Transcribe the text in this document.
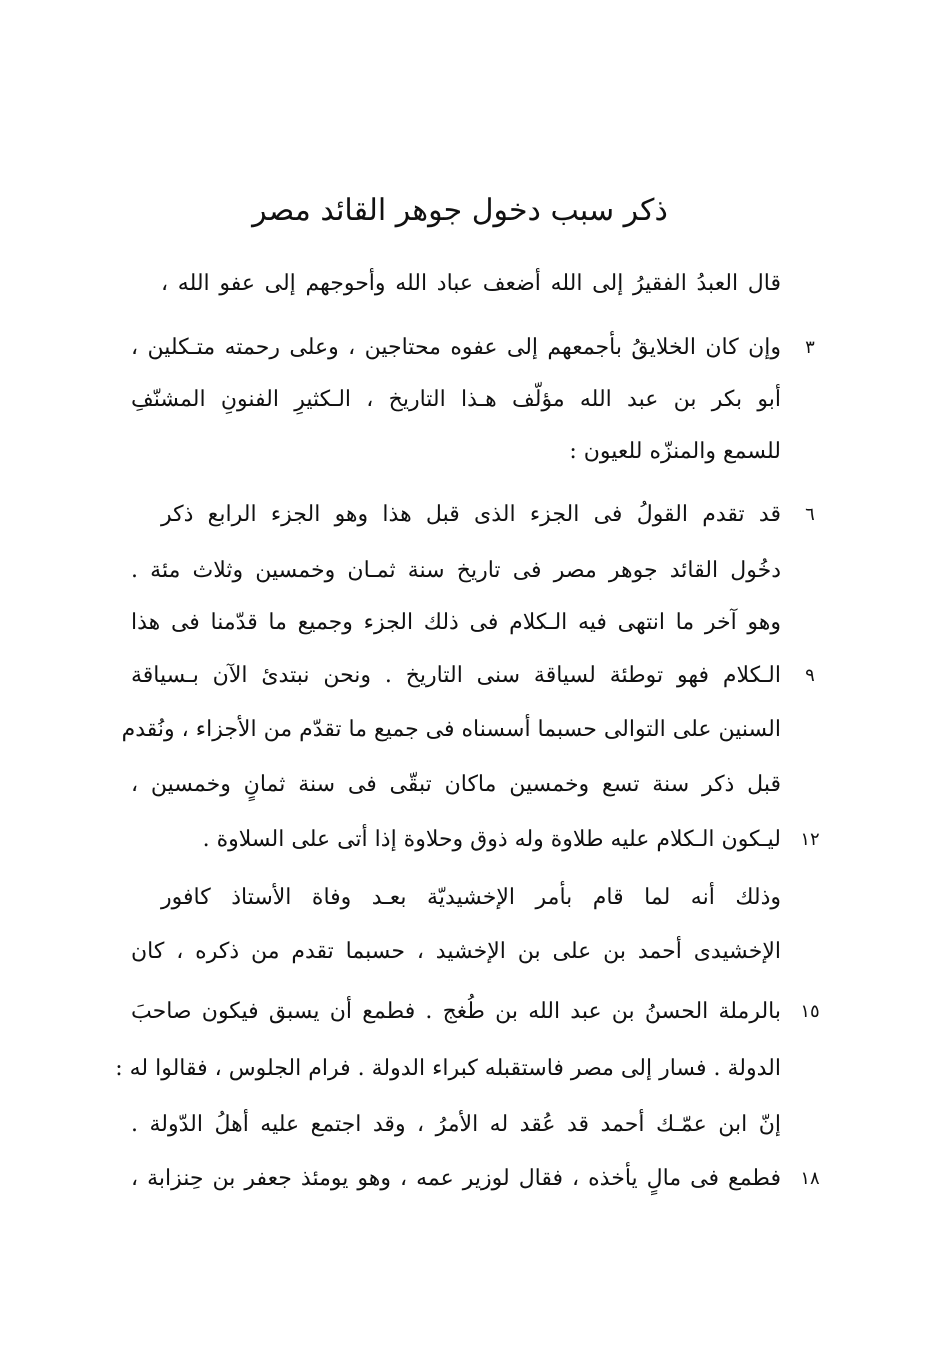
ذكر سبب دخول جوهر القائد مصر
قال العبدُ الفقيرُ إلى الله أضعف عباد الله وأحوجهم إلى عفو الله ،
وإن كان الخلايقُ بأجمعهم إلى عفوه محتاجين ، وعلى رحمته متـكلين ،
أبو بكر بن عبد الله مؤلّف هـذا التاريخ ، الـكثيرِ الفنونِ المشنّفِ
للسمع والمنزّه للعيون :
قد تقدم القولُ فى الجزء الذى قبل هذا وهو الجزء الرابع ذكر
دخُول القائد جوهر مصر فى تاريخ سنة ثمـان وخمسين وثلاث مئة .
وهو آخر ما انتهى فيه الـكلام فى ذلك الجزء وجميع ما قدّمنا فى هذا
الـكلام فهو توطئة لسياقة سنى التاريخ . ونحن نبتدئ الآن بـسياقة
السنين على التوالى حسبما أسسناه فى جميع ما تقدّم من الأجزاء ، ونُقدم
قبل ذكر سنة تسع وخمسين ماكان تبقّى فى سنة ثمانٍ وخمسين ،
ليـكون الـكلام عليه طلاوة وله ذوق وحلاوة إذا أتى على السلاوة .
وذلك أنه لما قام بأمر الإخشيديّة بعـد وفاة الأستاذ كافور
الإخشيدى أحمد بن على بن الإخشيد ، حسبما تقدم من ذكره ، كان
بالرملة الحسنُ بن عبد الله بن طُغج . فطمع أن يسبق فيكون صاحبَ
الدولة . فسار إلى مصر فاستقبله كبراء الدولة . فرام الجلوس ، فقالوا له :
إنّ ابن عمّـك أحمد قد عُقد له الأمرُ ، وقد اجتمع عليه أهلُ الدّولة .
فطمع فى مالٍ يأخذه ، فقال لوزير عمه ، وهو يومئذ جعفر بن حِنزابة ،
٣
٦
٩
١٢
١٥
١٨
